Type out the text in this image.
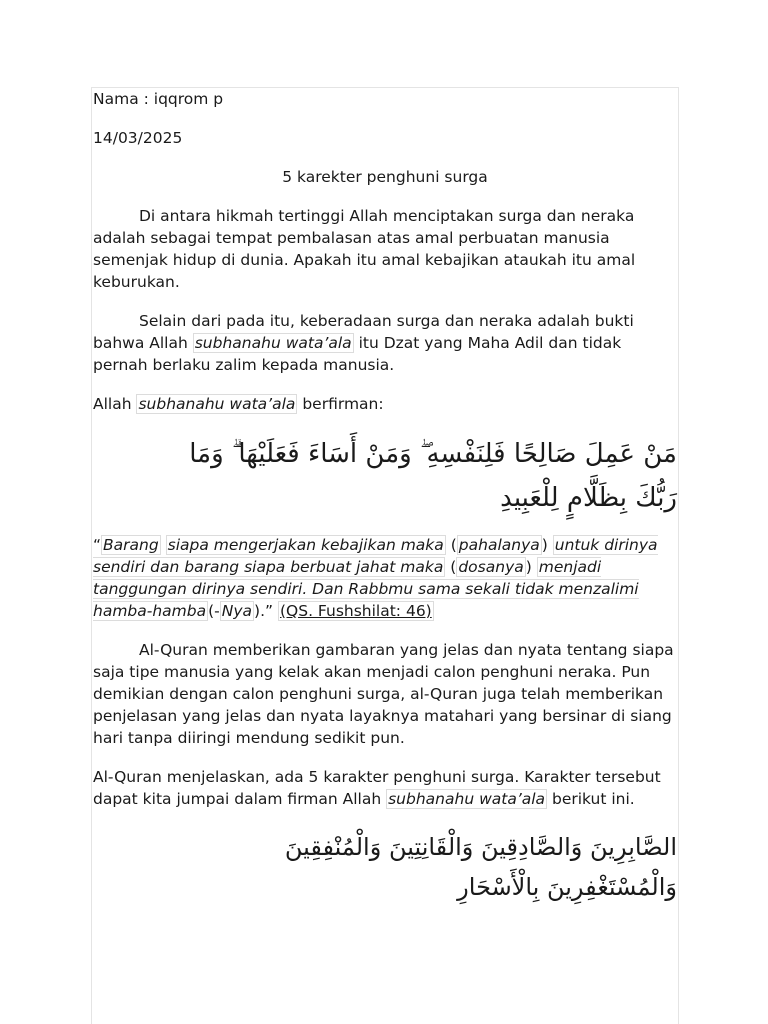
Nama : iqqrom p

14/03/2025

5 karekter penghuni surga

Di antara hikmah tertinggi Allah menciptakan surga dan neraka adalah sebagai tempat pembalasan atas amal perbuatan manusia semenjak hidup di dunia. Apakah itu amal kebajikan ataukah itu amal keburukan.

Selain dari pada itu, keberadaan surga dan neraka adalah bukti bahwa Allah subhanahu wata’ala itu Dzat yang Maha Adil dan tidak pernah berlaku zalim kepada manusia.

Allah subhanahu wata’ala berfirman:

مَنْ عَمِلَ صَالِحًا فَلِنَفْسِهِ ۖ وَمَنْ أَسَاءَ فَعَلَيْهَا ۗ وَمَا
رَبُّكَ بِظَلَّامٍ لِلْعَبِيدِ

“ Barang siapa mengerjakan kebajikan maka ( pahalanya ) untuk dirinya sendiri dan barang siapa berbuat jahat maka ( dosanya ) menjadi tanggungan dirinya sendiri. Dan Rabbmu sama sekali tidak menzalimi hamba-hamba (- Nya ).” (QS. Fushshilat: 46)

Al-Quran memberikan gambaran yang jelas dan nyata tentang siapa saja tipe manusia yang kelak akan menjadi calon penghuni neraka. Pun demikian dengan calon penghuni surga, al-Quran juga telah memberikan penjelasan yang jelas dan nyata layaknya matahari yang bersinar di siang hari tanpa diiringi mendung sedikit pun.

Al-Quran menjelaskan, ada 5 karakter penghuni surga. Karakter tersebut dapat kita jumpai dalam firman Allah subhanahu wata’ala berikut ini.

الصَّابِرِينَ وَالصَّادِقِينَ وَالْقَانِتِينَ وَالْمُنْفِقِينَ
وَالْمُسْتَغْفِرِينَ بِالْأَسْحَارِ
